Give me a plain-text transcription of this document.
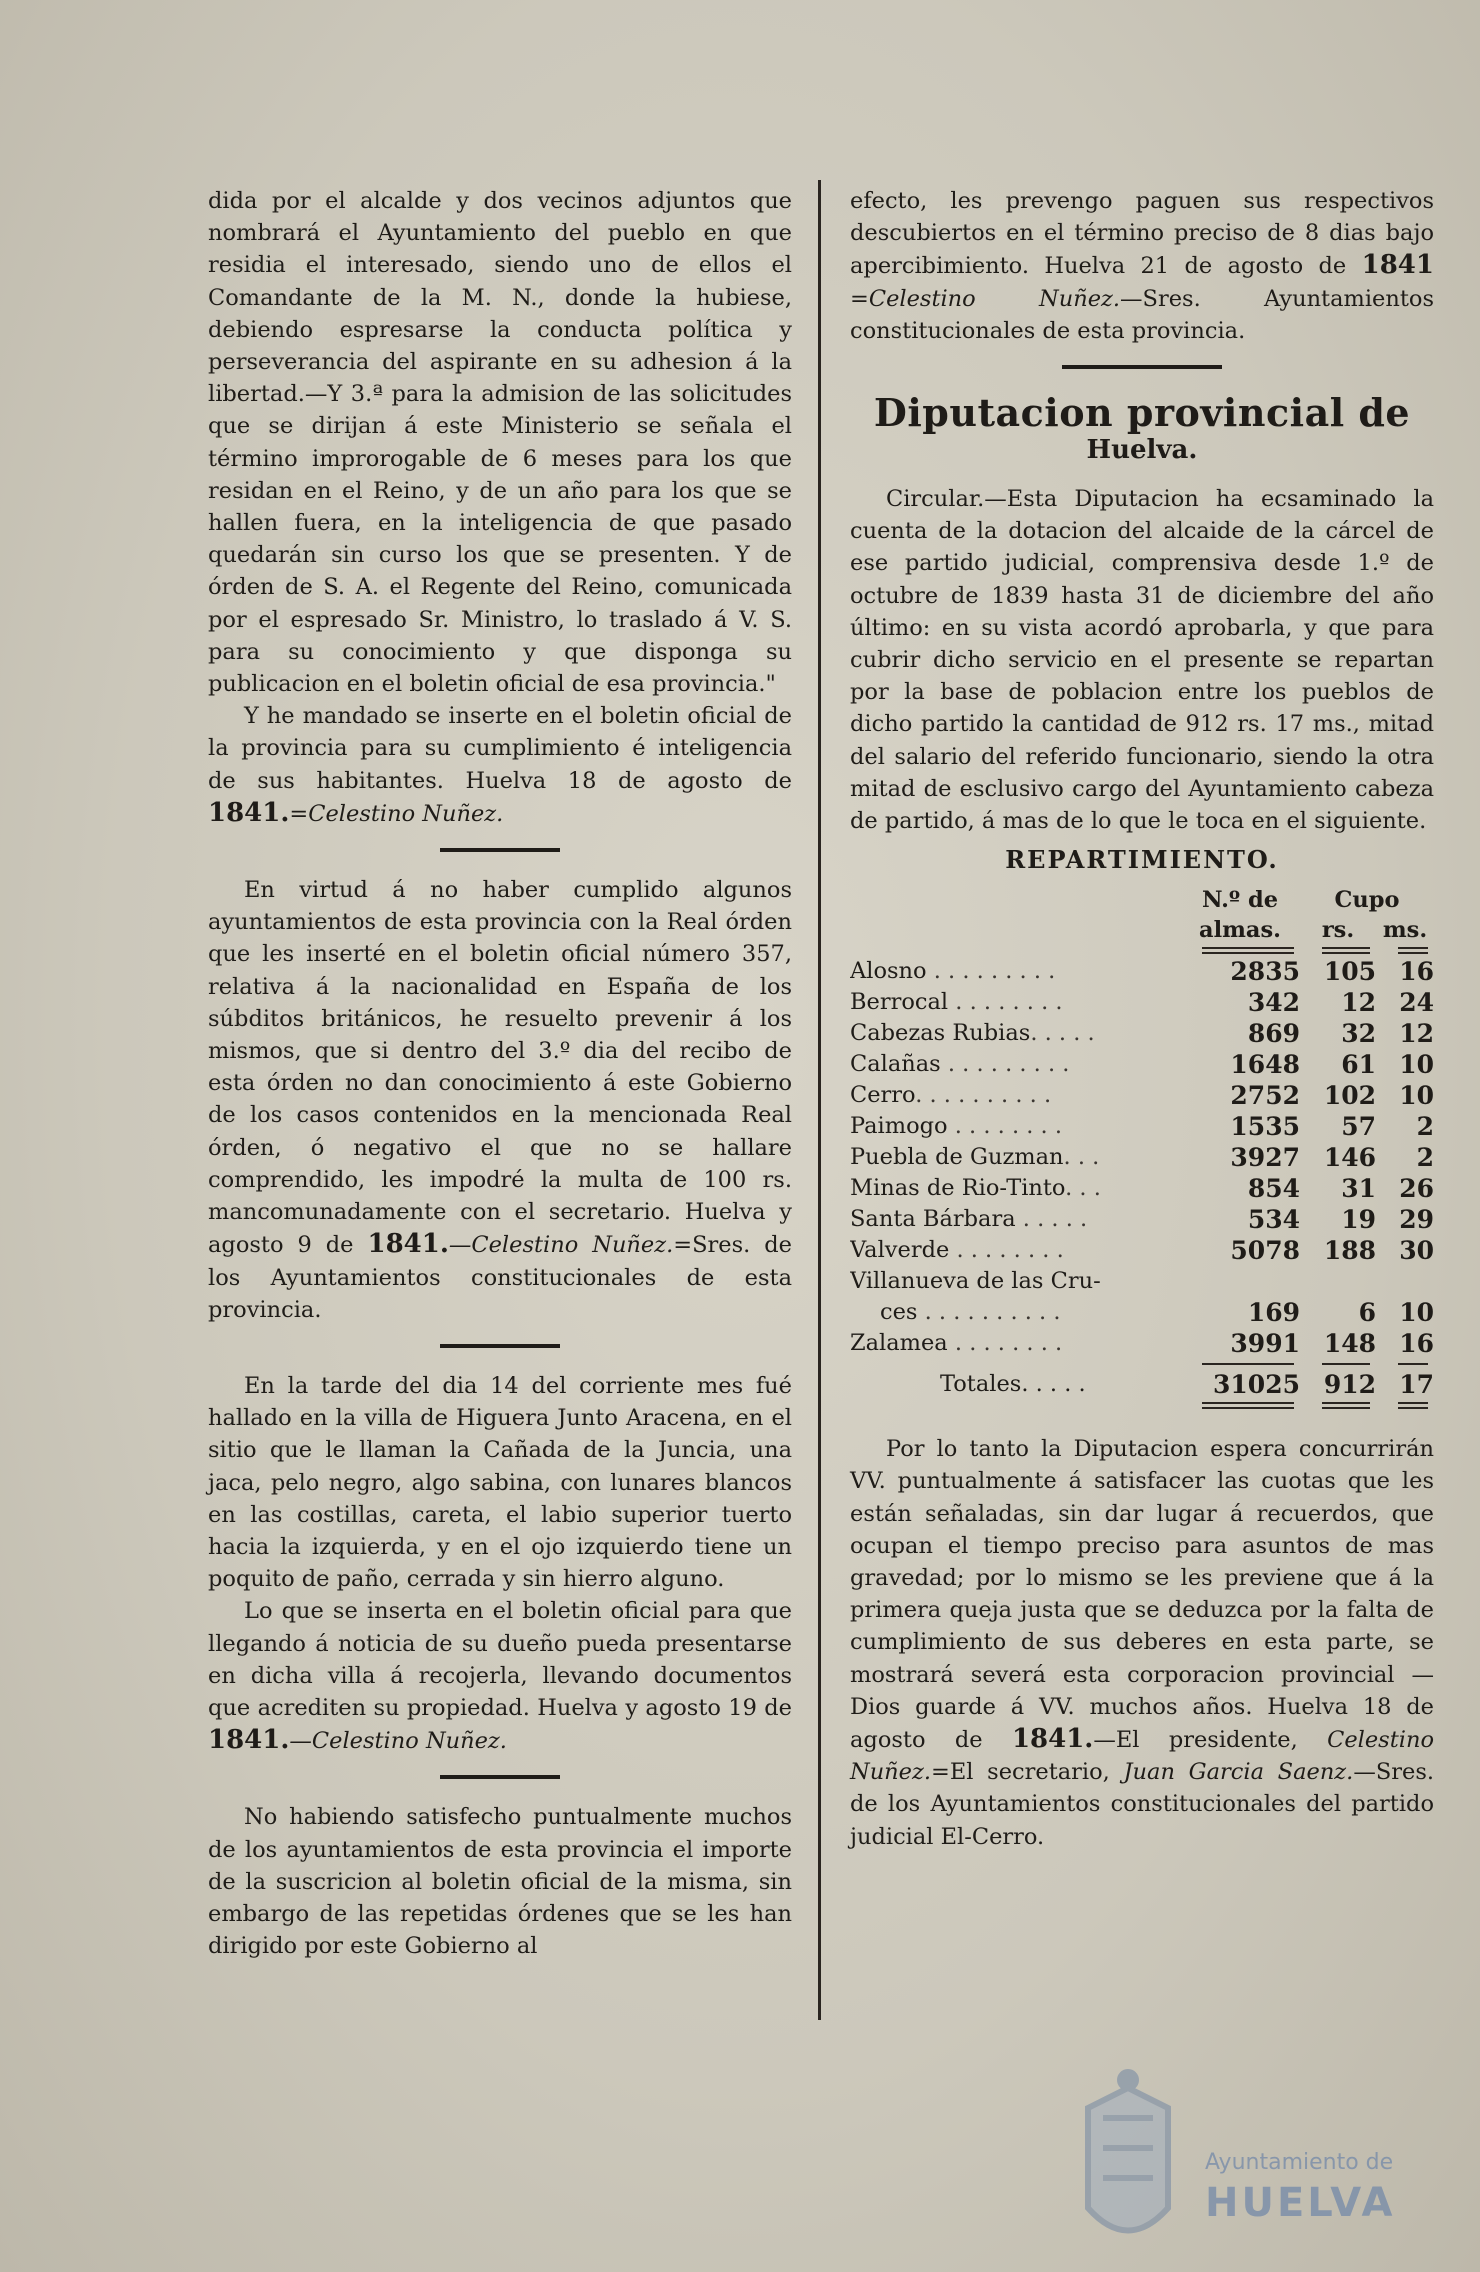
dida por el alcalde y dos vecinos adjuntos que nombrará el Ayuntamiento del pueblo en que residia el interesado, siendo uno de ellos el Comandante de la M. N., donde la hubiese, debiendo espresarse la conducta política y perseverancia del aspirante en su adhesion á la libertad.—Y 3.ª para la admision de las solicitudes que se dirijan á este Ministerio se señala el término improrogable de 6 meses para los que residan en el Reino, y de un año para los que se hallen fuera, en la inteligencia de que pasado quedarán sin curso los que se presenten. Y de órden de S. A. el Regente del Reino, comunicada por el espresado Sr. Ministro, lo traslado á V. S. para su conocimiento y que disponga su publicacion en el boletin oficial de esa provincia."

Y he mandado se inserte en el boletin oficial de la provincia para su cumplimiento é inteligencia de sus habitantes. Huelva 18 de agosto de 1841.=Celestino Nuñez.

En virtud á no haber cumplido algunos ayuntamientos de esta provincia con la Real órden que les inserté en el boletin oficial número 357, relativa á la nacionalidad en España de los súbditos británicos, he resuelto prevenir á los mismos, que si dentro del 3.º dia del recibo de esta órden no dan conocimiento á este Gobierno de los casos contenidos en la mencionada Real órden, ó negativo el que no se hallare comprendido, les impodré la multa de 100 rs. mancomunadamente con el secretario. Huelva y agosto 9 de 1841.—Celestino Nuñez.=Sres. de los Ayuntamientos constitucionales de esta provincia.

En la tarde del dia 14 del corriente mes fué hallado en la villa de Higuera Junto Aracena, en el sitio que le llaman la Cañada de la Juncia, una jaca, pelo negro, algo sabina, con lunares blancos en las costillas, careta, el labio superior tuerto hacia la izquierda, y en el ojo izquierdo tiene un poquito de paño, cerrada y sin hierro alguno.

Lo que se inserta en el boletin oficial para que llegando á noticia de su dueño pueda presentarse en dicha villa á recojerla, llevando documentos que acrediten su propiedad. Huelva y agosto 19 de 1841.—Celestino Nuñez.

No habiendo satisfecho puntualmente muchos de los ayuntamientos de esta provincia el importe de la suscricion al boletin oficial de la misma, sin embargo de las repetidas órdenes que se les han dirigido por este Gobierno al

efecto, les prevengo paguen sus respectivos descubiertos en el término preciso de 8 dias bajo apercibimiento. Huelva 21 de agosto de 1841 =Celestino Nuñez.—Sres. Ayuntamientos constitucionales de esta provincia.

Diputacion provincial de
Huelva.

Circular.—Esta Diputacion ha ecsaminado la cuenta de la dotacion del alcaide de la cárcel de ese partido judicial, comprensiva desde 1.º de octubre de 1839 hasta 31 de diciembre del año último: en su vista acordó aprobarla, y que para cubrir dicho servicio en el presente se repartan por la base de poblacion entre los pueblos de dicho partido la cantidad de 912 rs. 17 ms., mitad del salario del referido funcionario, siendo la otra mitad de esclusivo cargo del Ayuntamiento cabeza de partido, á mas de lo que le toca en el siguiente.

REPARTIMIENTO.
	N.º de	Cupo	
	almas.	rs.	ms.

Alosno . . . . . . . . .	2835	105	16
Berrocal . . . . . . . .	342	12	24
Cabezas Rubias. . . . .	869	32	12
Calañas . . . . . . . . .	1648	61	10
Cerro. . . . . . . . . .	2752	102	10
Paimogo . . . . . . . .	1535	57	2
Puebla de Guzman. . .	3927	146	2
Minas de Rio-Tinto. . .	854	31	26
Santa Bárbara . . . . .	534	19	29
Valverde . . . . . . . .	5078	188	30
Villanueva de las Cru-			
ces . . . . . . . . . .	169	6	10
Zalamea . . . . . . . .	3991	148	16

Totales. . . . .	31025	912	17

Por lo tanto la Diputacion espera concurrirán VV. puntualmente á satisfacer las cuotas que les están señaladas, sin dar lugar á recuerdos, que ocupan el tiempo preciso para asuntos de mas gravedad; por lo mismo se les previene que á la primera queja justa que se deduzca por la falta de cumplimiento de sus deberes en esta parte, se mostrará severá esta corporacion provincial —Dios guarde á VV. muchos años. Huelva 18 de agosto de 1841.—El presidente, Celestino Nuñez.=El secretario, Juan Garcia Saenz.—Sres. de los Ayuntamientos constitucionales del partido judicial El-Cerro.

Ayuntamiento de
HUELVA
